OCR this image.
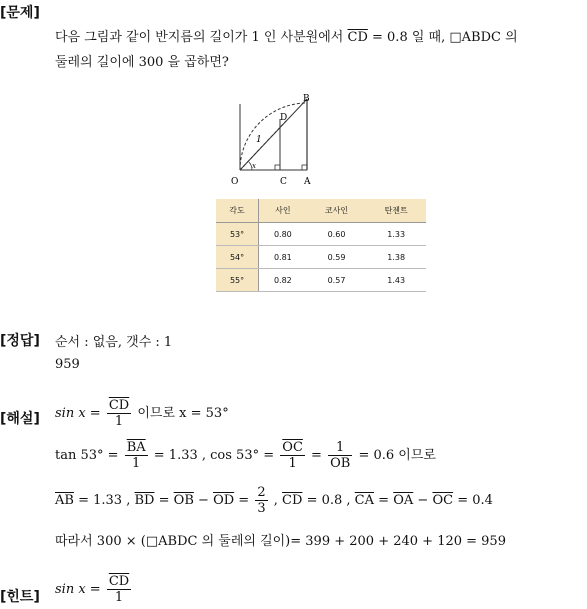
[문제]
다음 그림과 같이 반지름의 길이가 1 인 사분원에서 $\overline{CD} = 0.8$ 일 때, □ABDC 의
둘레의 길이에 300 을 곱하면?
x
1
O	C A
B
D
각도	사인	코사인	탄젠트
53°	0.80	0.60	1.33
54°	0.81	0.59	1.38
55°	0.82	0.57	1.43
[정답] 순서 : 없음, 갯수 : 1
959
[해설] $\sin x = \frac{\overline{CD}}{1}$ 이므로 x = 53°
$\tan 53^\circ = \frac{\overline{BA}}{1} = 1.33$ , $\cos 53^\circ = \frac{\overline{OC}}{1} = \frac{1}{OB} = 0.6$ 이므로
$\overline{AB} = 1.33$ , $\overline{BD} = \overline{OB} - \overline{OD} = \frac{2}{3}$ , $\overline{CD} = 0.8$ , $\overline{CA} = \overline{OA} - \overline{OC} = 0.4$
따라서 300 × (□ABDC 의 둘레의 길이)= 399 + 200 + 240 + 120 = 959
[힌트] $\sin x = \frac{\overline{CD}}{1}$
